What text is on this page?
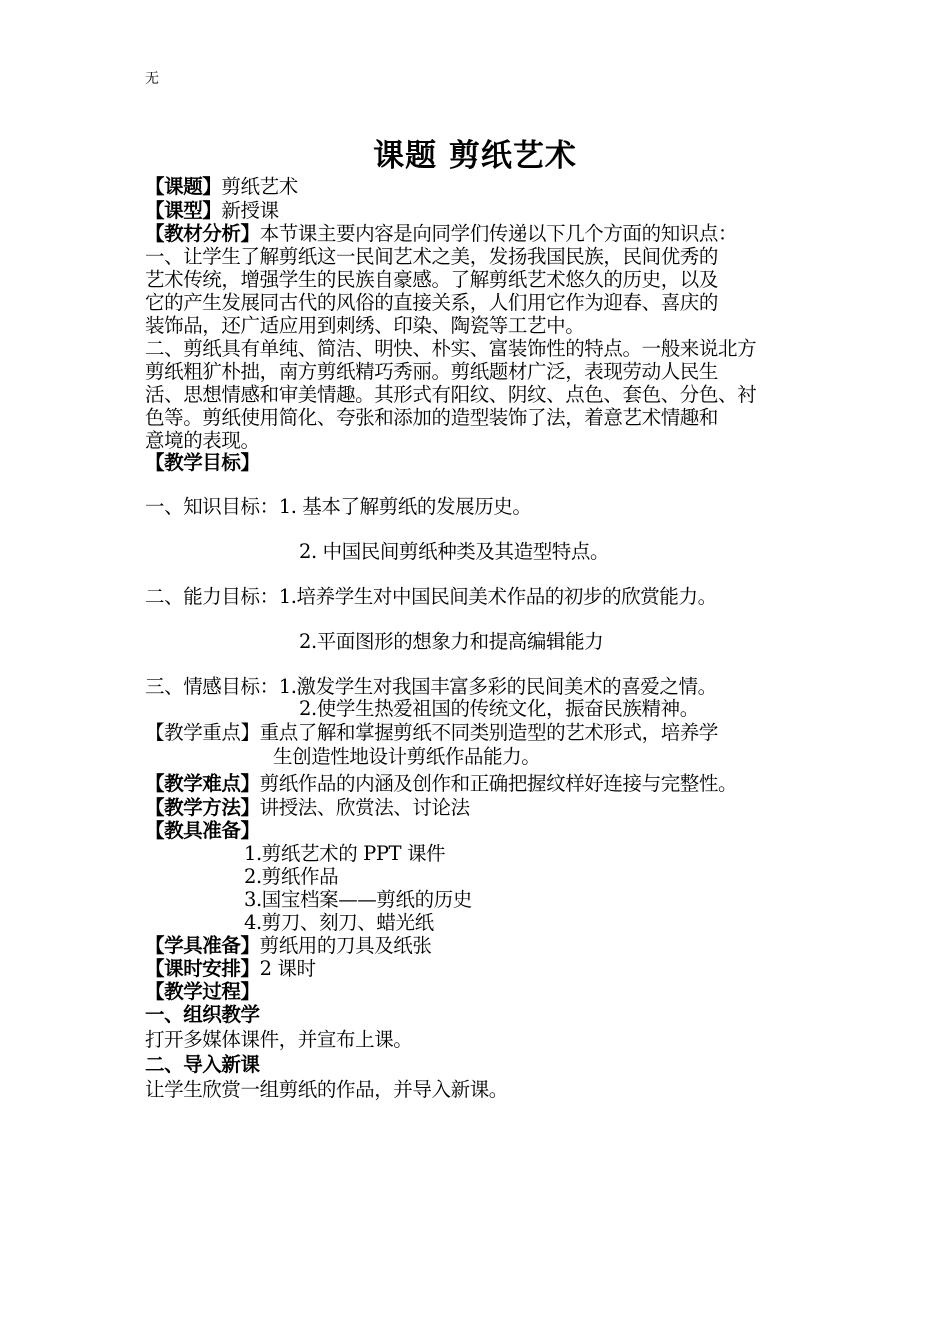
无
课题 剪纸艺术
【课题】剪纸艺术
【课型】新授课
【教材分析】本节课主要内容是向同学们传递以下几个方面的知识点：
一、让学生了解剪纸这一民间艺术之美，发扬我国民族，民间优秀的
艺术传统，增强学生的民族自豪感。了解剪纸艺术悠久的历史，以及
它的产生发展同古代的风俗的直接关系，人们用它作为迎春、喜庆的
装饰品，还广适应用到刺绣、印染、陶瓷等工艺中。
二、剪纸具有单纯、简洁、明快、朴实、富装饰性的特点。一般来说北方
剪纸粗犷朴拙，南方剪纸精巧秀丽。剪纸题材广泛，表现劳动人民生
活、思想情感和审美情趣。其形式有阳纹、阴纹、点色、套色、分色、衬
色等。剪纸使用简化、夸张和添加的造型装饰了法，着意艺术情趣和
意境的表现。
【教学目标】
一、知识目标：1. 基本了解剪纸的发展历史。
2. 中国民间剪纸种类及其造型特点。
二、能力目标：1.培养学生对中国民间美术作品的初步的欣赏能力。
2.平面图形的想象力和提高编辑能力
三、情感目标：1.激发学生对我国丰富多彩的民间美术的喜爱之情。
2.使学生热爱祖国的传统文化，振奋民族精神。
【教学重点】重点了解和掌握剪纸不同类别造型的艺术形式，培养学
生创造性地设计剪纸作品能力。
【教学难点】剪纸作品的内涵及创作和正确把握纹样好连接与完整性。
【教学方法】讲授法、欣赏法、讨论法
【教具准备】
1.剪纸艺术的 PPT 课件
2.剪纸作品
3.国宝档案——剪纸的历史
4.剪刀、刻刀、蜡光纸
【学具准备】剪纸用的刀具及纸张
【课时安排】2 课时
【教学过程】
一、组织教学
打开多媒体课件，并宣布上课。
二、导入新课
让学生欣赏一组剪纸的作品，并导入新课。
